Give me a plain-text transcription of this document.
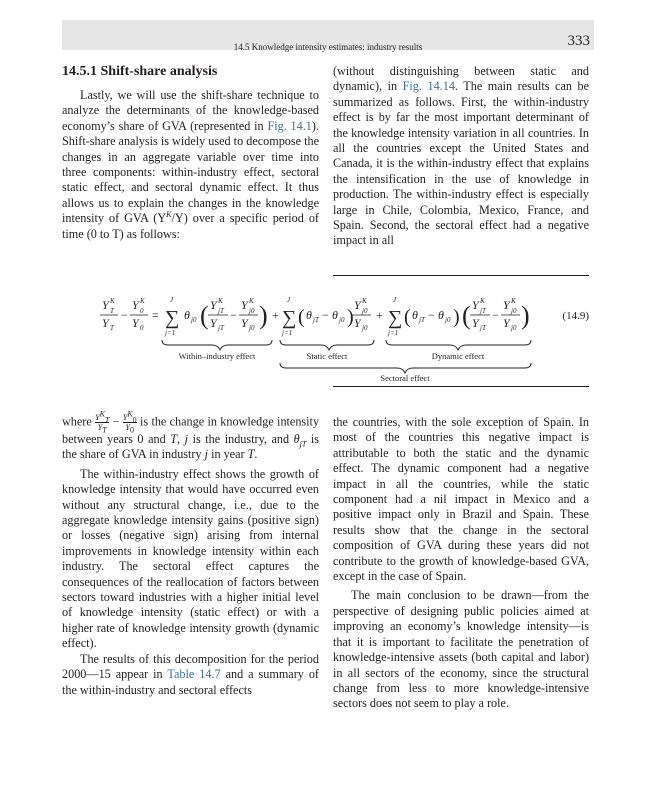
14.5 Knowledge intensity estimates: industry results	333
14.5.1 Shift-share analysis

Lastly, we will use the shift-share technique to analyze the determinants of the knowledge-based economy’s share of GVA (represented in Fig. 14.1). Shift-share analysis is widely used to decompose the changes in an aggregate variable over time into three components: within-industry effect, sectoral static effect, and sectoral dynamic effect. It thus allows us to explain the changes in the knowledge intensity of GVA $(Y^K/Y)$ over a specific period of time (0 to T) as follows:

(without distinguishing between static and dynamic), in Fig. 14.14. The main results can be summarized as follows. First, the within-industry effect is by far the most important determinant of the knowledge intensity variation in all countries. In all the countries except the United States and Canada, it is the within-industry effect that explains the intensification in the use of knowledge in production. The within-industry effect is especially large in Chile, Colombia, Mexico, France, and Spain. Second, the sectoral effect had a negative impact in all

Y K
T
Y T
−
Y K
0
Y 0
= ∑
J
j=1
θ j0 ( Y K
jT
Y jT
−
Y K
j0
Y j0 ) + ∑
J
j=1
( θ jT − θ j0 )
Y K
j0
Y j0
+ ∑
J
j=1
( θ jT − θ j0 ) ( Y K
jT
Y jT
−
Y K
j0
Y j0 )	(14.9)
Within–industry effect	Static effect	Dynamic effect
Sectoral effect

where $\frac{Y^K_T}{Y_T} - \frac{Y^K_0}{Y_0}$ is the change in knowledge intensity between years 0 and T, j is the industry, and $\theta_{jT}$ is the share of GVA in industry j in year T.

The within-industry effect shows the growth of knowledge intensity that would have occurred even without any structural change, i.e., due to the aggregate knowledge intensity gains (positive sign) or losses (negative sign) arising from internal improvements in knowledge intensity within each industry. The sectoral effect captures the consequences of the reallocation of factors between sectors toward industries with a higher initial level of knowledge intensity (static effect) or with a higher rate of knowledge intensity growth (dynamic effect).

The results of this decomposition for the period 2000—15 appear in Table 14.7 and a summary of the within-industry and sectoral effects

the countries, with the sole exception of Spain. In most of the countries this negative impact is attributable to both the static and the dynamic effect. The dynamic component had a negative impact in all the countries, while the static component had a nil impact in Mexico and a positive impact only in Brazil and Spain. These results show that the change in the sectoral composition of GVA during these years did not contribute to the growth of knowledge-based GVA, except in the case of Spain.

The main conclusion to be drawn—from the perspective of designing public policies aimed at improving an economy’s knowledge intensity—is that it is important to facilitate the penetration of knowledge-intensive assets (both capital and labor) in all sectors of the economy, since the structural change from less to more knowledge-intensive sectors does not seem to play a role.
